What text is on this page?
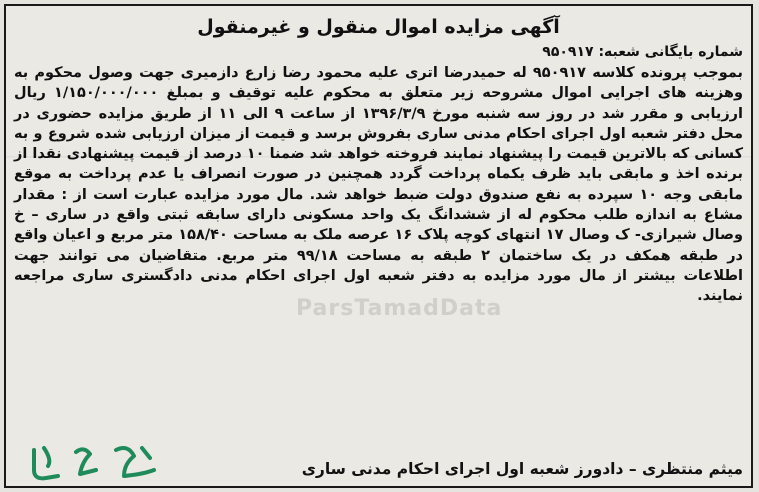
ParsTamadData
آگهی مزایده اموال منقول و غیرمنقول
شماره بایگانی شعبه: ۹۵۰۹۱۷
بموجب پرونده کلاسه ۹۵۰۹۱۷ له حمیدرضا اتری علیه محمود رضا زارع دازمیری جهت وصول محکوم به وهزینه های اجرایی اموال مشروحه زیر متعلق به محکوم علیه توقیف و بمبلغ ۱/۱۵۰/۰۰۰/۰۰۰ ریال ارزیابی و مقرر شد در روز سه شنبه مورخ ۱۳۹۶/۳/۹ از ساعت ۹ الی ۱۱ از طریق مزایده حضوری در محل دفتر شعبه اول اجرای احکام مدنی ساری بفروش برسد و قیمت از میزان ارزیابی شده شروع و به کسانی که بالاترین قیمت را پیشنهاد نمایند فروخته خواهد شد ضمنا ۱۰ درصد از قیمت پیشنهادی نقدا از برنده اخذ و مابقی باید ظرف یکماه پرداخت گردد همچنین در صورت انصراف یا عدم پرداخت به موقع مابقی وجه ۱۰ سپرده به نفع صندوق دولت ضبط خواهد شد. مال مورد مزایده عبارت است از : مقدار مشاع به اندازه طلب محکوم له از ششدانگ یک واحد مسکونی دارای سابقه ثبتی واقع در ساری – خ وصال شیرازی- ک وصال ۱۷ انتهای کوچه پلاک ۱۶ عرصه ملک به مساحت ۱۵۸/۴۰ متر مربع و اعیان واقع در طبقه همکف در یک ساختمان ۲ طبقه به مساحت ۹۹/۱۸ متر مربع. متقاضیان می توانند جهت اطلاعات بیشتر از مال مورد مزایده به دفتر شعبه اول اجرای احکام مدنی دادگستری ساری مراجعه نمایند.
میثم منتظری – دادورز شعبه اول اجرای احکام مدنی ساری
